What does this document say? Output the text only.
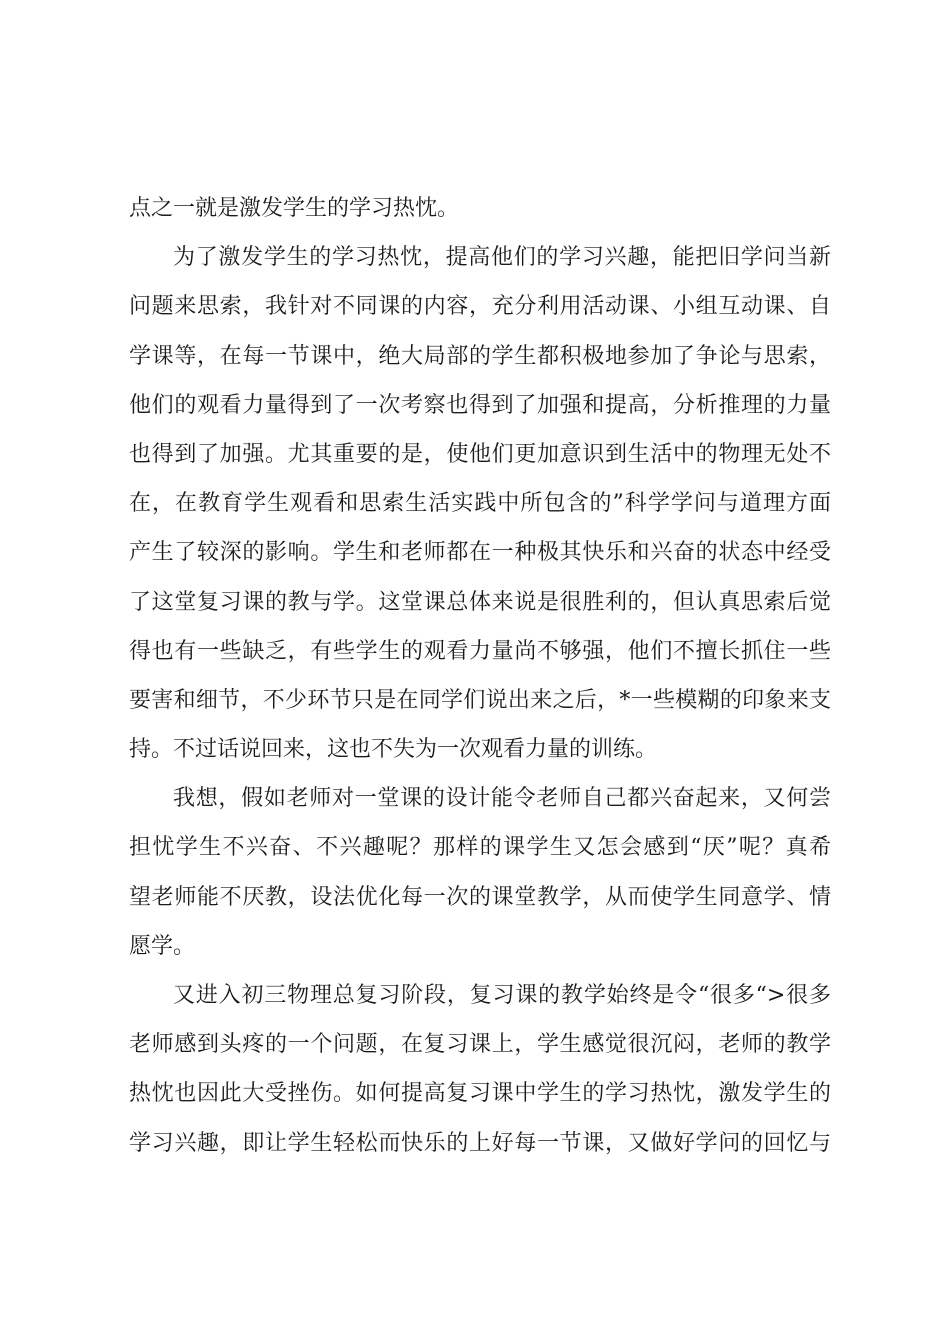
点之一就是激发学生的学习热忱。
为了激发学生的学习热忱，提高他们的学习兴趣，能把旧学问当新
问题来思索，我针对不同课的内容，充分利用活动课、小组互动课、自
学课等，在每一节课中，绝大局部的学生都积极地参加了争论与思索，
他们的观看力量得到了一次考察也得到了加强和提高，分析推理的力量
也得到了加强。尤其重要的是，使他们更加意识到生活中的物理无处不
在，在教育学生观看和思索生活实践中所包含的”科学学问与道理方面
产生了较深的影响。学生和老师都在一种极其快乐和兴奋的状态中经受
了这堂复习课的教与学。这堂课总体来说是很胜利的，但认真思索后觉
得也有一些缺乏，有些学生的观看力量尚不够强，他们不擅长抓住一些
要害和细节，不少环节只是在同学们说出来之后，*一些模糊的印象来支
持。不过话说回来，这也不失为一次观看力量的训练。
我想，假如老师对一堂课的设计能令老师自己都兴奋起来，又何尝
担忧学生不兴奋、不兴趣呢？那样的课学生又怎会感到“厌”呢？真希
望老师能不厌教，设法优化每一次的课堂教学，从而使学生同意学、情
愿学。
又进入初三物理总复习阶段，复习课的教学始终是令“很多“>很多
老师感到头疼的一个问题，在复习课上，学生感觉很沉闷，老师的教学
热忱也因此大受挫伤。如何提高复习课中学生的学习热忱，激发学生的
学习兴趣，即让学生轻松而快乐的上好每一节课，又做好学问的回忆与
